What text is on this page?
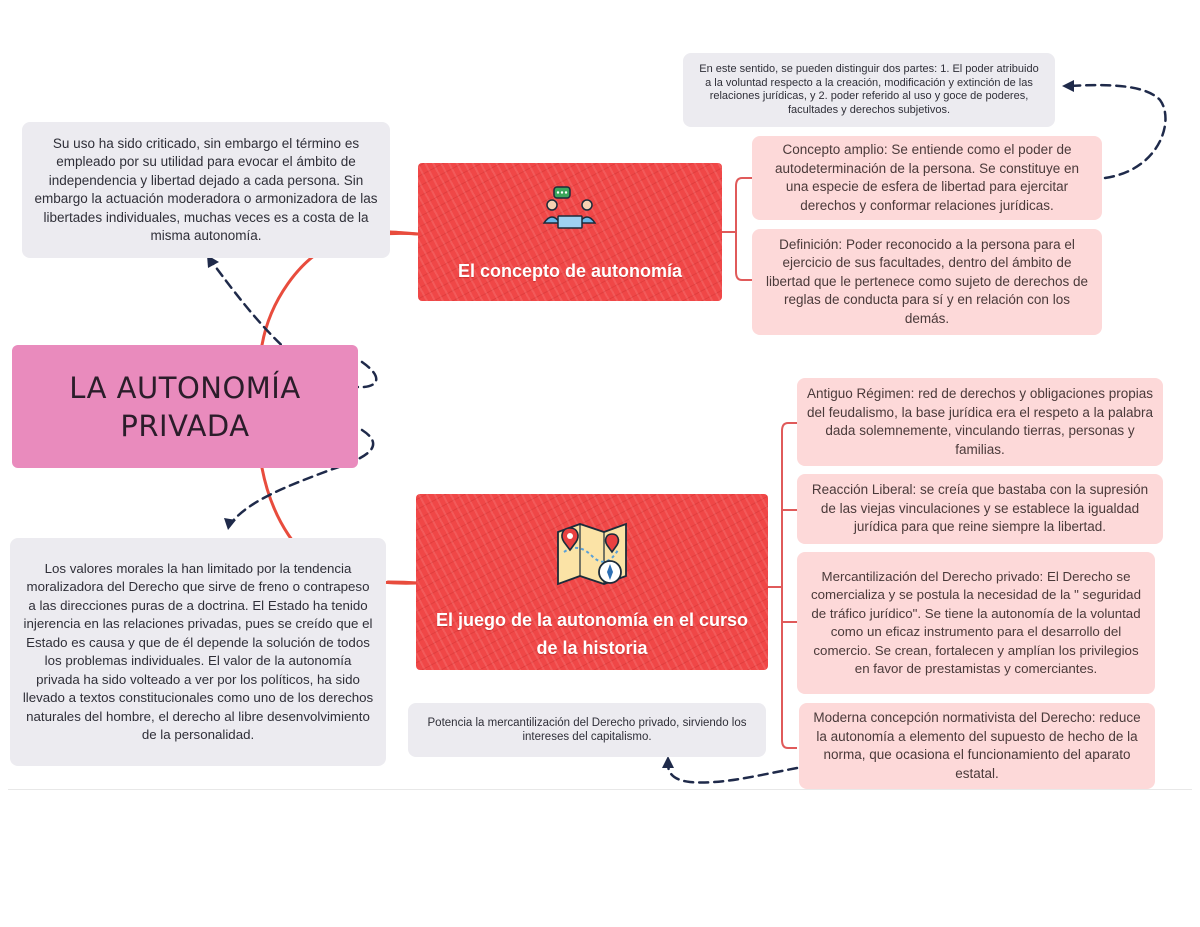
LA AUTONOMÍA
PRIVADA
El concepto de autonomía
El juego de la autonomía en el curso de la historia
En este sentido, se pueden distinguir dos partes: 1. El poder atribuido a la voluntad respecto a la creación, modificación y extinción de las relaciones jurídicas, y 2. poder referido al uso y goce de poderes, facultades y derechos subjetivos.
Su uso ha sido criticado, sin embargo el término es empleado por su utilidad para evocar el ámbito de independencia y libertad dejado a cada persona. Sin embargo la actuación moderadora o armonizadora de las libertades individuales, muchas veces es a costa de la misma autonomía.
Concepto amplio: Se entiende como el poder de autodeterminación de la persona. Se constituye en una especie de esfera de libertad para ejercitar derechos y conformar relaciones jurídicas.
Definición: Poder reconocido a la persona para el ejercicio de sus facultades, dentro del ámbito de libertad que le pertenece como sujeto de derechos de reglas de conducta para sí y en relación con los demás.
Los valores morales la han limitado por la tendencia moralizadora del Derecho que sirve de freno o contrapeso a las direcciones puras de a doctrina. El Estado ha tenido injerencia en las relaciones privadas, pues se creído que el Estado es causa y que de él depende la solución de todos los problemas individuales. El valor de la autonomía privada ha sido volteado a ver por los políticos, ha sido llevado a textos constitucionales como uno de los derechos naturales del hombre, el derecho al libre desenvolvimiento de la personalidad.
Antiguo Régimen: red de derechos y obligaciones propias del feudalismo, la base jurídica era el respeto a la palabra dada solemnemente, vinculando tierras, personas y familias.
Reacción Liberal: se creía que bastaba con la supresión de las viejas vinculaciones y se establece la igualdad jurídica para que reine siempre la libertad.
Mercantilización del Derecho privado: El Derecho se comercializa y se postula la necesidad de la " seguridad de tráfico jurídico". Se tiene la autonomía de la voluntad como un eficaz instrumento para el desarrollo del comercio. Se crean, fortalecen y amplían los privilegios en favor de prestamistas y comerciantes.
Moderna concepción normativista del Derecho: reduce la autonomía a elemento del supuesto de hecho de la norma, que ocasiona el funcionamiento del aparato estatal.
Potencia la mercantilización del Derecho privado, sirviendo los intereses del capitalismo.
